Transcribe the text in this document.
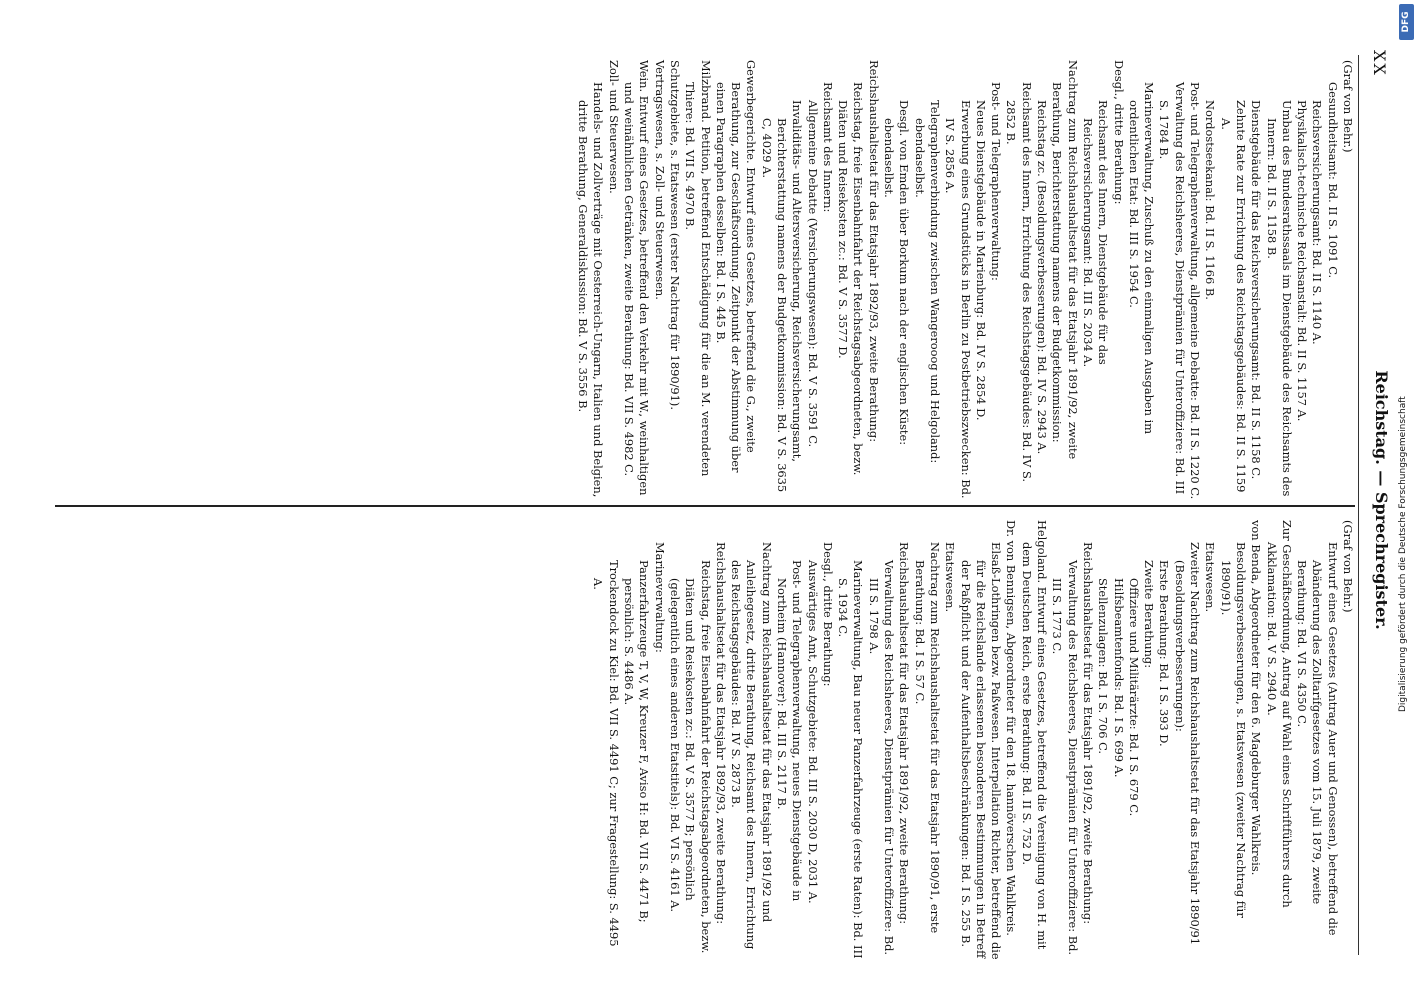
XX
Reichstag. — Sprechregister.

(Graf von Behr.)

Gesundheitsamt: Bd. II S. 1091 C.

Reichsversicherungsamt: Bd. II S. 1140 A.

Physikalisch-technische Reichsanstalt: Bd. II S. 1157 A.

Umbau des Bundesrathssaals im Dienstgebäude des Reichsamts des Innern: Bd. II S. 1158 B.

Dienstgebäude für das Reichsversicherungsamt: Bd. II S. 1158 C.

Zehnte Rate zur Errichtung des Reichstagsgebäudes: Bd. II S. 1159 A.

Nordostseekanal: Bd. II S. 1166 B.

Post- und Telegraphenverwaltung, allgemeine Debatte: Bd. II S. 1220 C.

Verwaltung des Reichsheeres, Dienstprämien für Unteroffiziere: Bd. III S. 1784 B.

Marineverwaltung, Zuschuß zu den einmaligen Ausgaben im ordentlichen Etat: Bd. III S. 1954 C.

Desgl., dritte Berathung:

Reichsamt des Innern, Dienstgebäude für das Reichsversicherungsamt: Bd. III S. 2034 A.

Nachtrag zum Reichshaushaltsetat für das Etatsjahr 1891/92, zweite Berathung, Berichterstattung namens der Budgetkommission:

Reichstag zc. (Besoldungsverbesserungen): Bd. IV S. 2943 A.

Reichsamt des Innern, Errichtung des Reichstagsgebäudes: Bd. IV S. 2852 B.

Post- und Telegraphenverwaltung:

Neues Dienstgebäude in Marienburg: Bd. IV S. 2854 D.

Erwerbung eines Grundstücks in Berlin zu Postbetriebszwecken: Bd. IV S. 2856 A.

Telegraphenverbindung zwischen Wangerooog und Helgoland: ebendaselbst.

Desgl. von Emden über Borkum nach der englischen Küste: ebendaselbst.

Reichshaushaltsetat für das Etatsjahr 1892/93, zweite Berathung:

Reichstag, freie Eisenbahnfahrt der Reichstagsabgeordneten, bezw. Diäten und Reisekosten zc.: Bd. V S. 3577 D.

Reichsamt des Innern:

Allgemeine Debatte (Versicherungswesen): Bd. V S. 3591 C.

Invaliditäts- und Altersversicherung, Reichsversicherungsamt, Berichterstattung namens der Budgetkommission: Bd. V S. 3635 C, 4029 A.

Gewerbegerichte. Entwurf eines Gesetzes, betreffend die G., zweite Berathung, zur Geschäftsordnung. Zeitpunkt der Abstimmung über einen Paragraphen desselben: Bd. I S. 445 B.

Milzbrand. Petition, betreffend Entschädigung für die an M. verendeten Thiere: Bd. VII S. 4970 B.

Schutzgebiete, s. Etatswesen (erster Nachtrag für 1890/91).

Vertragswesen, s. Zoll- und Steuerwesen.

Wein. Entwurf eines Gesetzes, betreffend den Verkehr mit W., weinhaltigen und weinähnlichen Getränken, zweite Berathung: Bd. VII S. 4982 C.

Zoll- und Steuerwesen.

Handels- und Zollverträge mit Oesterreich-Ungarn, Italien und Belgien, dritte Berathung, Generaldiskussion: Bd. V S. 3556 B.

(Graf von Behr.)

Entwurf eines Gesetzes (Antrag Auer und Genossen), betreffend die Abänderung des Zolltarifgesetzes vom 15. Juli 1879, zweite Berathung: Bd. VI S. 4350 C.

Zur Geschäftsordnung, Antrag auf Wahl eines Schriftführers durch Akklamation: Bd. V S. 2940 A.

von Benda, Abgeordneter für den 6. Magdeburger Wahlkreis.

Besoldungsverbesserungen, s. Etatswesen (zweiter Nachtrag für 1890/91).

Etatswesen.

Zweiter Nachtrag zum Reichshaushaltsetat für das Etatsjahr 1890/91 (Besoldungsverbesserungen):

Erste Berathung: Bd. I S. 393 D.

Zweite Berathung:

Offiziere und Militärärzte: Bd. I S. 679 C.

Hilfsbeamtenfonds: Bd. I S. 699 A.

Stellenzulagen: Bd. I S. 706 C.

Reichshaushaltsetat für das Etatsjahr 1891/92, zweite Berathung:

Verwaltung des Reichsheeres, Dienstprämien für Unteroffiziere: Bd. III S. 1773 C.

Helgoland. Entwurf eines Gesetzes, betreffend die Vereinigung von H. mit dem Deutschen Reich, erste Berathung: Bd. II S. 752 D.

Dr. von Bennigsen, Abgeordneter für den 18. hannöverschen Wahlkreis.

Elsaß-Lothringen bezw. Paßwesen. Interpellation Richter, betreffend die für die Reichslande erlassenen besonderen Bestimmungen in Betreff der Paßpflicht und der Aufenthaltsbeschränkungen: Bd. I S. 255 B.

Etatswesen.

Nachtrag zum Reichshaushaltsetat für das Etatsjahr 1890/91, erste Berathung: Bd. I S. 57 C.

Reichshaushaltsetat für das Etatsjahr 1891/92, zweite Berathung:

Verwaltung des Reichsheeres, Dienstprämien für Unteroffiziere: Bd. III S. 1798 A.

Marineverwaltung, Bau neuer Panzerfahrzeuge (erste Raten): Bd. III S. 1934 C.

Desgl., dritte Berathung:

Auswärtiges Amt, Schutzgebiete: Bd. III S. 2030 D, 2031 A.

Post- und Telegraphenverwaltung, neues Dienstgebäude in Northeim (Hannover): Bd. III S. 2117 B.

Nachtrag zum Reichshaushaltsetat für das Etatsjahr 1891/92 und Anleihegesetz, dritte Berathung, Reichsamt des Innern, Errichtung des Reichstagsgebäudes: Bd. IV S. 2873 B.

Reichshaushaltsetat für das Etatsjahr 1892/93, zweite Berathung:

Reichstag, freie Eisenbahnfahrt der Reichstagsabgeordneten, bezw. Diäten und Reisekosten zc.: Bd. V S. 3577 B; persönlich (gelegentlich eines anderen Etatstitels): Bd. VI S. 4161 A.

Marineverwaltung:

Panzerfahrzeuge T, V, W, Kreuzer F, Aviso H: Bd. VII S. 4471 B; persönlich: S. 4486 A.

Trockendock zu Kiel: Bd. VII S. 4491 C; zur Fragestellung: S. 4495 A.	Digitalisierung gefördert durch die Deutsche Forschungsgemeinschaft
DFG
